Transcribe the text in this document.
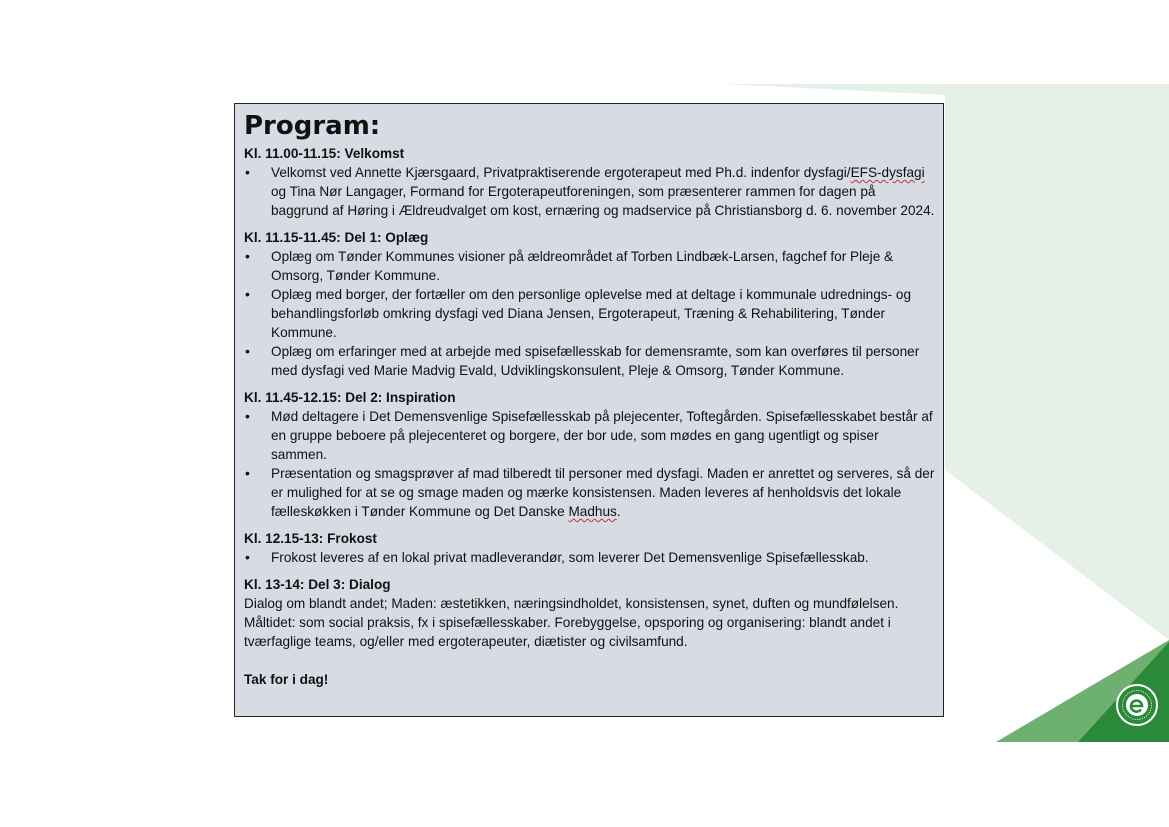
Program:
Kl. 11.00-11.15: Velkomst
• Velkomst ved Annette Kjærsgaard, Privatpraktiserende ergoterapeut med Ph.d. indenfor dysfagi/EFS-dysfagi og Tina Nør Langager, Formand for Ergoterapeutforeningen, som præsenterer rammen for dagen på baggrund af Høring i Ældreudvalget om kost, ernæring og madservice på Christiansborg d. 6. november 2024.
Kl. 11.15-11.45: Del 1: Oplæg
• Oplæg om Tønder Kommunes visioner på ældreområdet af Torben Lindbæk-Larsen, fagchef for Pleje & Omsorg, Tønder Kommune.
• Oplæg med borger, der fortæller om den personlige oplevelse med at deltage i kommunale udrednings- og behandlingsforløb omkring dysfagi ved Diana Jensen, Ergoterapeut, Træning & Rehabilitering, Tønder Kommune.
• Oplæg om erfaringer med at arbejde med spisefællesskab for demensramte, som kan overføres til personer med dysfagi ved Marie Madvig Evald, Udviklingskonsulent, Pleje & Omsorg, Tønder Kommune.
Kl. 11.45-12.15: Del 2: Inspiration
• Mød deltagere i Det Demensvenlige Spisefællesskab på plejecenter, Toftegården. Spisefællesskabet består af en gruppe beboere på plejecenteret og borgere, der bor ude, som mødes en gang ugentligt og spiser sammen.
• Præsentation og smagsprøver af mad tilberedt til personer med dysfagi. Maden er anrettet og serveres, så der er mulighed for at se og smage maden og mærke konsistensen. Maden leveres af henholdsvis det lokale fælleskøkken i Tønder Kommune og Det Danske Madhus.
Kl. 12.15-13: Frokost
• Frokost leveres af en lokal privat madleverandør, som leverer Det Demensvenlige Spisefællesskab.
Kl. 13-14: Del 3: Dialog
Dialog om blandt andet; Maden: æstetikken, næringsindholdet, konsistensen, synet, duften og mundfølelsen. Måltidet: som social praksis, fx i spisefællesskaber. Forebyggelse, opsporing og organisering: blandt andet i tværfaglige teams, og/eller med ergoterapeuter, diætister og civilsamfund.
Tak for i dag!
